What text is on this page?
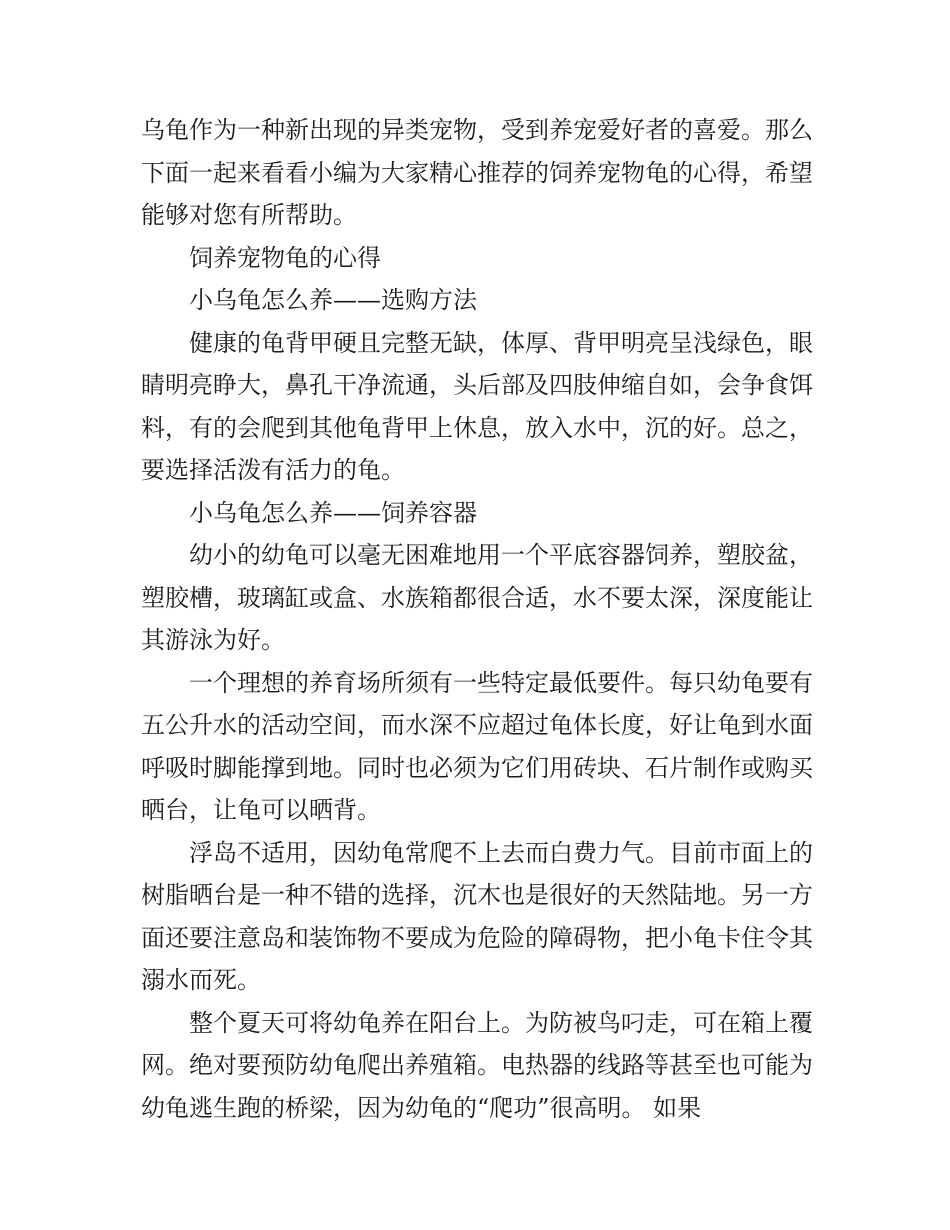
乌龟作为一种新出现的异类宠物，受到养宠爱好者的喜爱。那么下面一起来看看小编为大家精心推荐的饲养宠物龟的心得，希望能够对您有所帮助。

饲养宠物龟的心得

小乌龟怎么养——选购方法

健康的龟背甲硬且完整无缺，体厚、背甲明亮呈浅绿色，眼睛明亮睁大，鼻孔干净流通，头后部及四肢伸缩自如，会争食饵料，有的会爬到其他龟背甲上休息，放入水中，沉的好。总之，要选择活泼有活力的龟。

小乌龟怎么养——饲养容器

幼小的幼龟可以毫无困难地用一个平底容器饲养，塑胶盆，塑胶槽，玻璃缸或盒、水族箱都很合适，水不要太深，深度能让其游泳为好。

一个理想的养育场所须有一些特定最低要件。每只幼龟要有五公升水的活动空间，而水深不应超过龟体长度，好让龟到水面呼吸时脚能撑到地。同时也必须为它们用砖块、石片制作或购买晒台，让龟可以晒背。

浮岛不适用，因幼龟常爬不上去而白费力气。目前市面上的树脂晒台是一种不错的选择，沉木也是很好的天然陆地。另一方面还要注意岛和装饰物不要成为危险的障碍物，把小龟卡住令其溺水而死。

整个夏天可将幼龟养在阳台上。为防被鸟叼走，可在箱上覆网。绝对要预防幼龟爬出养殖箱。电热器的线路等甚至也可能为幼龟逃生跑的桥梁，因为幼龟的“爬功”很高明。 如果
